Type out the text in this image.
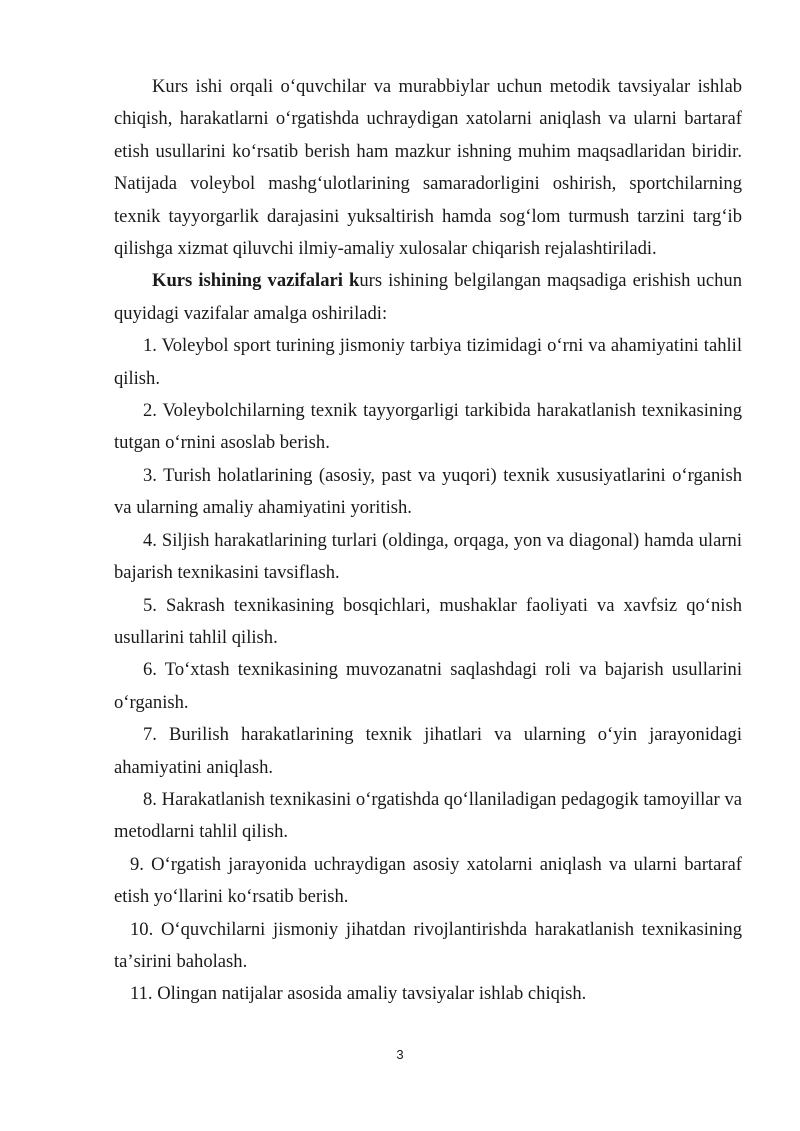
Kurs ishi orqali oʻquvchilar va murabbiylar uchun metodik tavsiyalar ishlab chiqish, harakatlarni oʻrgatishda uchraydigan xatolarni aniqlash va ularni bartaraf etish usullarini koʻrsatib berish ham mazkur ishning muhim maqsadlaridan biridir. Natijada voleybol mashgʻulotlarining samaradorligini oshirish, sportchilarning texnik tayyorgarlik darajasini yuksaltirish hamda sogʻlom turmush tarzini targʻib qilishga xizmat qiluvchi ilmiy-amaliy xulosalar chiqarish rejalashtiriladi.

Kurs ishining vazifalari kurs ishining belgilangan maqsadiga erishish uchun quyidagi vazifalar amalga oshiriladi:

1. Voleybol sport turining jismoniy tarbiya tizimidagi oʻrni va ahamiyatini tahlil qilish.

2. Voleybolchilarning texnik tayyorgarligi tarkibida harakatlanish texnikasining tutgan oʻrnini asoslab berish.

3. Turish holatlarining (asosiy, past va yuqori) texnik xususiyatlarini oʻrganish va ularning amaliy ahamiyatini yoritish.

4. Siljish harakatlarining turlari (oldinga, orqaga, yon va diagonal) hamda ularni bajarish texnikasini tavsiflash.

5. Sakrash texnikasining bosqichlari, mushaklar faoliyati va xavfsiz qoʻnish usullarini tahlil qilish.

6. Toʻxtash texnikasining muvozanatni saqlashdagi roli va bajarish usullarini oʻrganish.

7. Burilish harakatlarining texnik jihatlari va ularning oʻyin jarayonidagi ahamiyatini aniqlash.

8. Harakatlanish texnikasini oʻrgatishda qoʻllaniladigan pedagogik tamoyillar va metodlarni tahlil qilish.

9. Oʻrgatish jarayonida uchraydigan asosiy xatolarni aniqlash va ularni bartaraf etish yoʻllarini koʻrsatib berish.

10. Oʻquvchilarni jismoniy jihatdan rivojlantirishda harakatlanish texnikasining taʼsirini baholash.

11. Olingan natijalar asosida amaliy tavsiyalar ishlab chiqish.

3
